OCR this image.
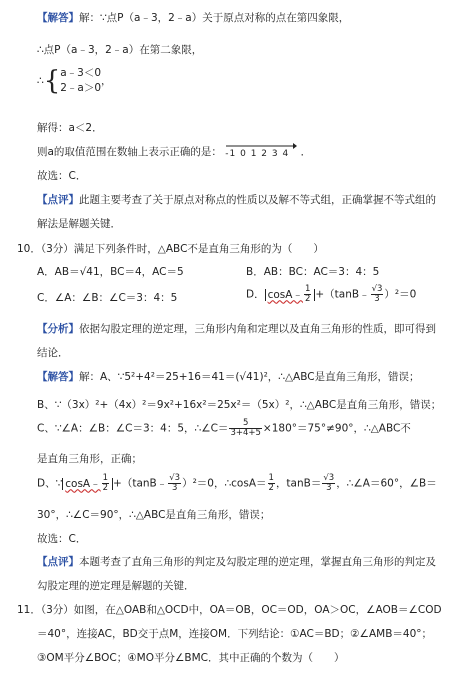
【解答】解：∵点P（a﹣3，2﹣a）关于原点对称的点在第四象限，
∴点P（a﹣3，2﹣a）在第二象限，
∴{ a﹣3＜0
2﹣a＞0
，
解得：a＜2．
则a的取值范围在数轴上表示正确的是： -1 0 1 2 3 4 ．
故选：C．
【点评】此题主要考查了关于原点对称点的性质以及解不等式组，正确掌握不等式组的
解法是解题关键．
10．（3分）满足下列条件时，△ABC不是直角三角形的为（　　）
A．AB＝√41，BC＝4，AC＝5	B．AB：BC：AC＝3：4：5
C．∠A：∠B：∠C＝3：4：5	D． cosA﹣ $\frac{1}{2}$ +（tanB﹣ $\frac{√3}{3} )^2=0$
【分析】依据勾股定理的逆定理，三角形内角和定理以及直角三角形的性质，即可得到
结论．
【解答】解：A、∵5²+4²＝25+16＝41＝(√41)²，∴△ABC是直角三角形，错误；
B、∵（3x）²+（4x）²＝9x²+16x²＝25x²＝（5x）²，∴△ABC是直角三角形，错误；
C、∵∠A：∠B：∠C＝3：4：5，∴∠C＝ $\frac{5}{3+4+5} \times 180^\circ=75^\circ\ne 90^\circ$，∴△ABC不
是直角三角形，正确；
D、∵ cosA﹣ $\frac{1}{2}$ +（tanB﹣ $\frac{√3}{3} )^2=0$，∴cosA＝ $\frac{1}{2}$ ，$\tan B= \frac{√3}{3}$ ，∴∠A＝60°，∠B＝
30°，∴∠C＝90°，∴△ABC是直角三角形，错误；
故选：C．
【点评】本题考查了直角三角形的判定及勾股定理的逆定理，掌握直角三角形的判定及
勾股定理的逆定理是解题的关键．
11．（3分）如图，在△OAB和△OCD中，OA＝OB，OC＝OD，OA＞OC，∠AOB＝∠COD
＝40°，连接AC，BD交于点M，连接OM．下列结论：①AC＝BD；②∠AMB＝40°；
③OM平分∠BOC；④MO平分∠BMC．其中正确的个数为（　　）
